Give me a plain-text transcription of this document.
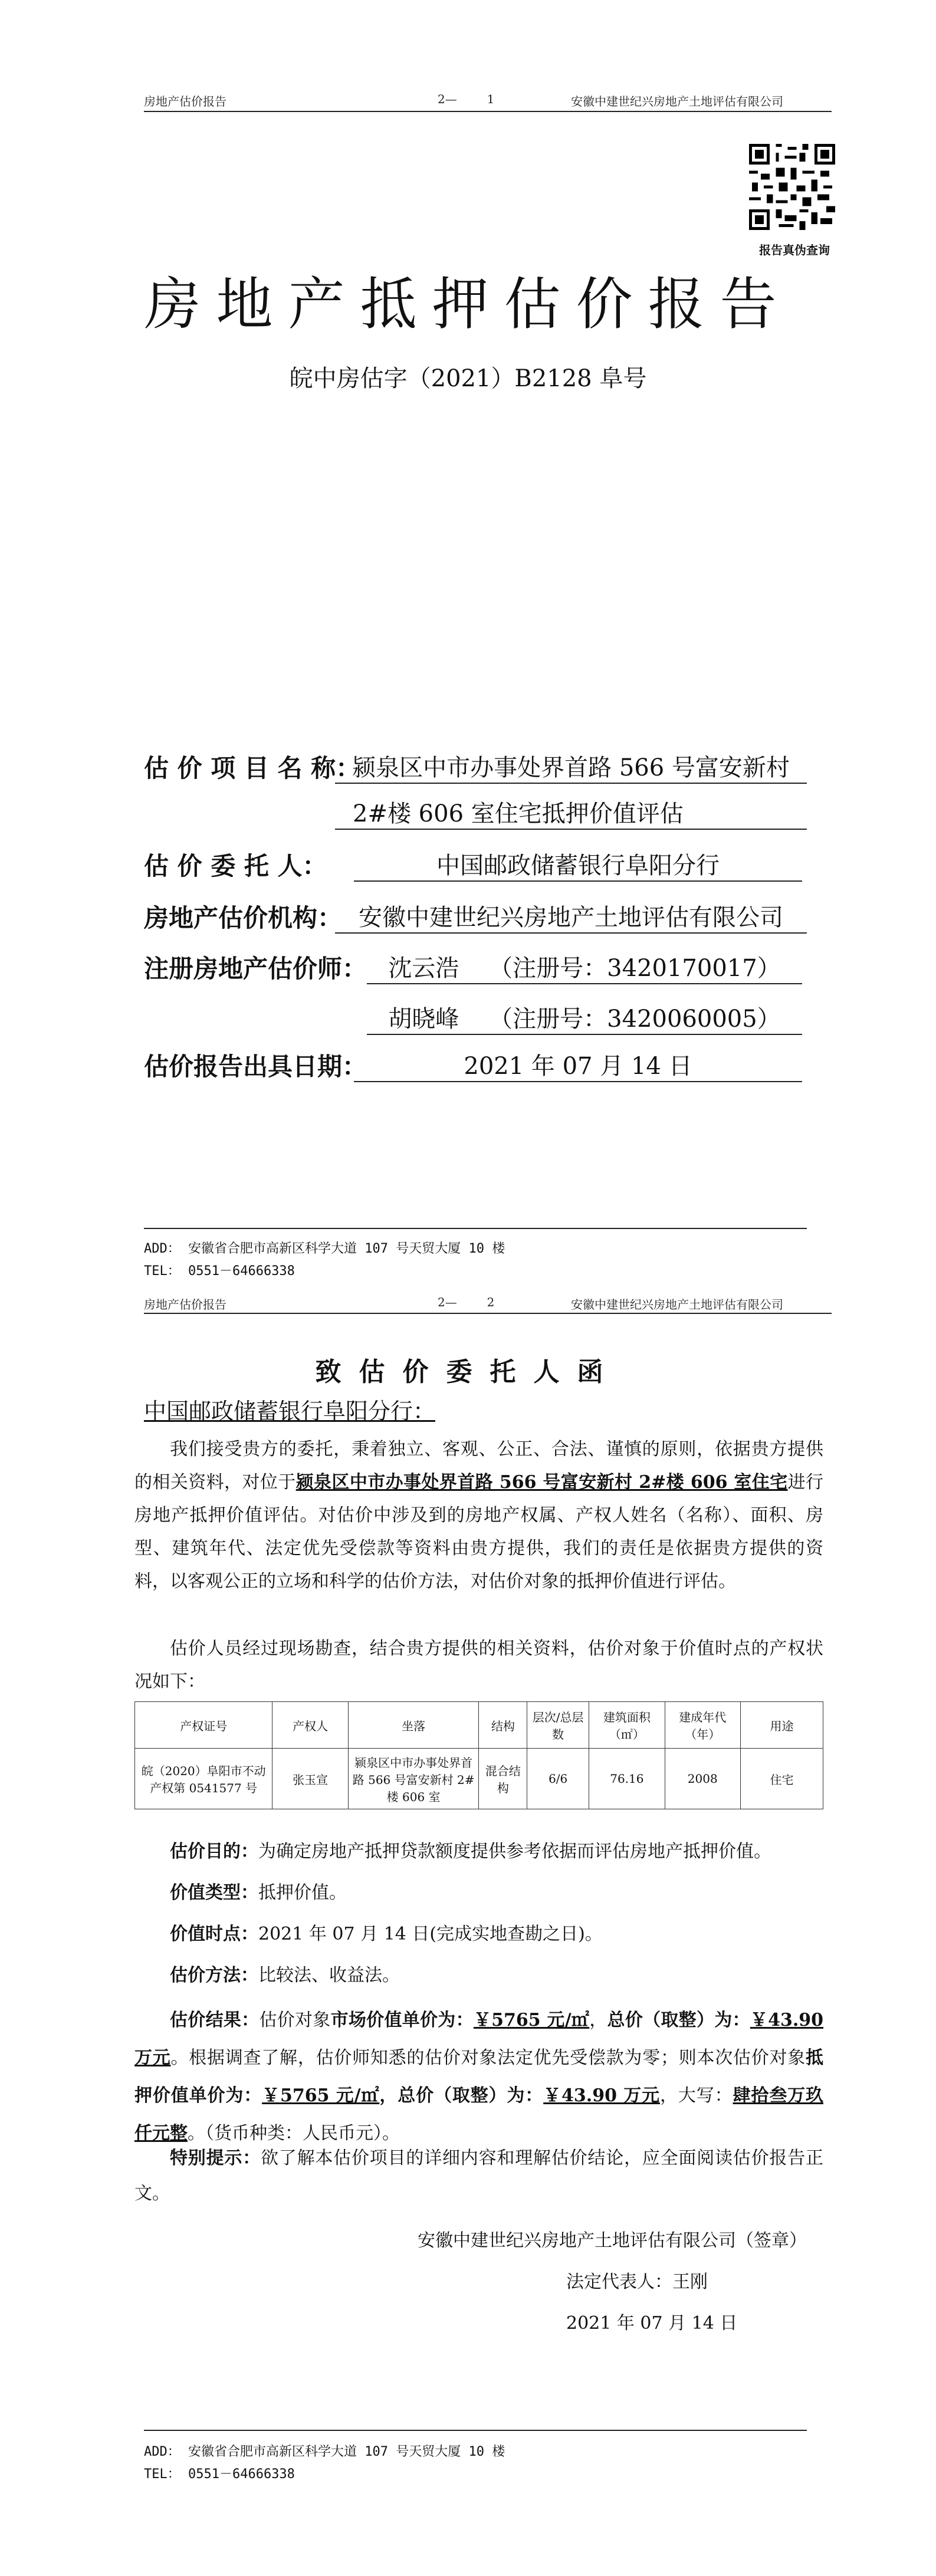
房地产估价报告	2—        1	安徽中建世纪兴房地产土地评估有限公司
报告真伪查询
房地产抵押估价报告
皖中房估字（2021）B2128 阜号
估 价 项 目 名 称：
颍泉区中市办事处界首路 566 号富安新村
2#楼 606 室住宅抵押价值评估
估 价 委 托 人：	中国邮政储蓄银行阜阳分行
房地产估价机构： 安徽中建世纪兴房地产土地评估有限公司
注册房地产估价师： 沈云浩    （注册号：3420170017）
胡晓峰    （注册号：3420060005）
估价报告出具日期：	2021 年 07 月 14 日
ADD： 安徽省合肥市高新区科学大道 107 号天贸大厦 10 楼
TEL： 0551－64666338
房地产估价报告	2—        2	安徽中建世纪兴房地产土地评估有限公司
致估价委托人函
中国邮政储蓄银行阜阳分行：
我们接受贵方的委托，秉着独立、客观、公正、合法、谨慎的原则，依据贵方提供的相关资料，对位于颍泉区中市办事处界首路 566 号富安新村 2#楼 606 室住宅进行房地产抵押价值评估。对估价中涉及到的房地产权属、产权人姓名（名称）、面积、房型、建筑年代、法定优先受偿款等资料由贵方提供，我们的责任是依据贵方提供的资料，以客观公正的立场和科学的估价方法，对估价对象的抵押价值进行评估。
估价人员经过现场勘查，结合贵方提供的相关资料，估价对象于价值时点的产权状况如下：
产权证号	产权人	坐落	结构	层次/总层数	建筑面积（㎡）	建成年代（年）	用途
皖（2020）阜阳市不动产权第 0541577 号	张玉宣	颍泉区中市办事处界首路 566 号富安新村 2#楼 606 室	混合结构	6/6	76.16	2008	住宅
估价目的：为确定房地产抵押贷款额度提供参考依据而评估房地产抵押价值。
价值类型：抵押价值。
价值时点：2021 年 07 月 14 日(完成实地查勘之日)。
估价方法：比较法、收益法。
估价结果：估价对象市场价值单价为：￥5765 元/㎡，总价（取整）为：￥43.90 万元。根据调查了解，估价师知悉的估价对象法定优先受偿款为零；则本次估价对象抵押价值单价为：￥5765 元/㎡，总价（取整）为：￥43.90 万元，大写：肆拾叁万玖仟元整。（货币种类：人民币元）。
特别提示：欲了解本估价项目的详细内容和理解估价结论，应全面阅读估价报告正文。
安徽中建世纪兴房地产土地评估有限公司（签章）
法定代表人：王刚
2021 年 07 月 14 日
ADD： 安徽省合肥市高新区科学大道 107 号天贸大厦 10 楼
TEL： 0551－64666338
